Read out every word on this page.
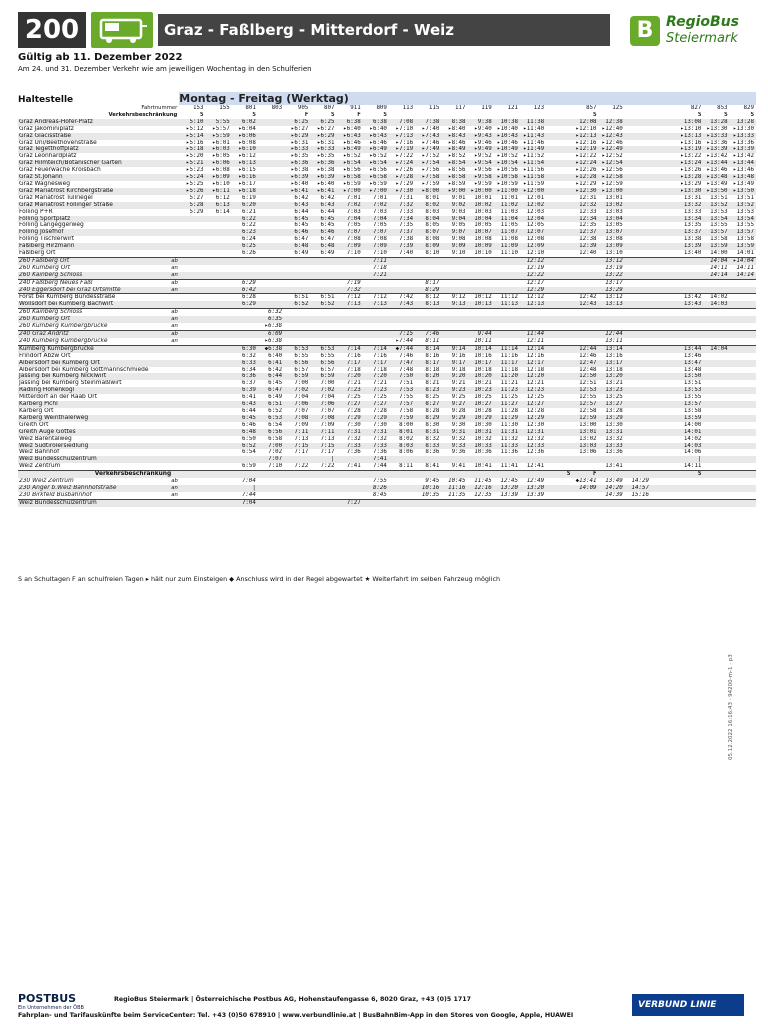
200	Graz - Faßlberg - Mitterdorf - Weiz	B RegioBus
Steiermark
Gültig ab 11. Dezember 2022
Am 24. und 31. Dezember Verkehr wie am jeweiligen Wochentag in den Schulferien
Haltestelle		Montag - Freitag (Werktag)																					
Fahrtnummer		153	155	801	803	905	807	911	809	113	115	117	119	121	123		857	125			827	853	829
Verkehrsbeschränkung		S		S		F	S	F	S								S				S	S	S
Graz Andreas-Hofer-Platz		5:10	5:55	6:02		6:25	6:25	6:38	6:38	7:08	7:38	8:38	9:38	10:38	11:38		12:08	12:38			13:08	13:28	13:28
Graz Jakominiplatz		▸5:12	▸5:57	▸6:04		▸6:27	▸6:27	▸6:40	▸6:40	▸7:10	▸7:40	▸8:40	▸9:40	▸10:40	▸11:40		▸12:10	▸12:40			▸13:10	▸13:30	▸13:30
Graz Glacisstraße		▸5:14	▸5:59	▸6:06		▸6:29	▸6:29	▸6:43	▸6:43	▸7:13	▸7:43	▸8:43	▸9:43	▸10:43	▸11:43		▸12:13	▸12:43			▸13:13	▸13:33	▸13:33
Graz Uni/Beethovenstraße		▸5:16	▸6:01	▸6:08		▸6:31	▸6:31	▸6:46	▸6:46	▸7:16	▸7:46	▸8:46	▸9:46	▸10:46	▸11:46		▸12:16	▸12:46			▸13:16	▸13:36	▸13:36
Graz Tegetthoffplatz		▸5:18	▸6:03	▸6:10		▸6:33	▸6:33	▸6:49	▸6:49	▸7:19	▸7:49	▸8:49	▸9:49	▸10:49	▸11:49		▸12:19	▸12:49			▸13:19	▸13:39	▸13:39
Graz Leonhardplatz		▸5:20	▸6:05	▸6:12		▸6:35	▸6:35	▸6:52	▸6:52	▸7:22	▸7:52	▸8:52	▸9:52	▸10:52	▸11:52		▸12:22	▸12:52			▸13:22	▸13:42	▸13:42
Graz Hilmteich/Botanischer Garten		▸5:21	▸6:06	▸6:13		▸6:36	▸6:36	▸6:54	▸6:54	▸7:24	▸7:54	▸8:54	▸9:54	▸10:54	▸11:54		▸12:24	▸12:54			▸13:24	▸13:44	▸13:44
Graz Feuerwache Kroisbach		▸5:23	▸6:08	▸6:15		▸6:38	▸6:38	▸6:56	▸6:56	▸7:26	▸7:56	▸8:56	▸9:56	▸10:56	▸11:56		▸12:26	▸12:56			▸13:26	▸13:46	▸13:46
Graz St.Johann		▸5:24	▸6:09	▸6:16		▸6:39	▸6:39	▸6:58	▸6:58	▸7:28	▸7:58	▸8:58	▸9:58	▸10:58	▸11:58		▸12:28	▸12:58			▸13:28	▸13:48	▸13:48
Graz Wagnesweg		▸5:25	▸6:10	▸6:17		▸6:40	▸6:40	▸6:59	▸6:59	▸7:29	▸7:59	▸8:59	▸9:59	▸10:59	▸11:59		▸12:29	▸12:59			▸13:29	▸13:49	▸13:49
Graz Mariatrost Kirchbergstraße		▸5:26	▸6:11	▸6:18		▸6:41	▸6:41	▸7:00	▸7:00	▸7:30	▸8:00	▸9:00	▸10:00	▸11:00	▸12:00		▸12:30	▸13:00			▸13:30	▸13:50	▸13:50
Graz Mariatrost Tullriegel		5:27	6:12	6:19		6:42	6:42	7:01	7:01	7:31	8:01	9:01	10:01	11:01	12:01		12:31	13:01			13:31	13:51	13:51
Graz Mariatrost Föllinger Straße		5:28	6:13	6:20		6:43	6:43	7:02	7:02	7:32	8:02	9:02	10:02	11:02	12:02		12:32	13:02			13:32	13:52	13:52
Fölling P+R		5:29	6:14	6:21		6:44	6:44	7:03	7:03	7:33	8:03	9:03	10:03	11:03	12:03		12:33	13:03			13:33	13:53	13:53
Fölling Sportplatz				6:22		6:45	6:45	7:04	7:04	7:34	8:04	9:04	10:04	11:04	12:04		12:34	13:04			13:34	13:54	13:54
Fölling Langeggerweg				6:22		6:45	6:45	7:05	7:05	7:35	8:05	9:05	10:05	11:05	12:05		12:35	13:05			13:35	13:55	13:55
Fölling Josefhof				6:23		6:46	6:46	7:07	7:07	7:37	8:07	9:07	10:07	11:07	12:07		12:37	13:07			13:37	13:57	13:57
Fölling Tischlerwirt				6:24		6:47	6:47	7:08	7:08	7:38	8:08	9:08	10:08	11:08	12:08		12:38	13:08			13:38	13:58	13:58
Faßlberg Hirzmann				6:25		6:48	6:48	7:09	7:09	7:39	8:09	9:09	10:09	11:09	12:09		12:39	13:09			13:39	13:59	13:59
Faßlberg Ort				6:26		6:49	6:49	7:10	7:10	7:40	8:10	9:10	10:10	11:10	12:10		12:40	13:10			13:40	14:00	14:01
260 Faßlberg Ort	ab								7:11						12:12			13:12				14:04	▸14:04
260 Kumberg Ort	an								7:18						12:19			13:19				14:11	14:11
260 Kainberg Schloss	an								7:21						12:22			13:22				14:14	14:14
240 Faßlberg Neues Faßl	ab			6:29				7:19			8:17				12:17			13:17					
240 Eggersdorf bei Graz Ortsmitte	an			6:42				7:32			8:29				12:29			13:29					
Forst bei Kumberg Bundesstraße				6:28		6:51	6:51	7:12	7:12	7:42	8:12	9:12	10:12	11:12	12:12		12:42	13:12			13:42	14:02	
Wollsdorf bei Kumberg Bachwirt				6:29		6:52	6:52	7:13	7:13	7:43	8:13	9:13	10:13	11:13	12:13		12:43	13:13			13:43	14:03	
260 Kainberg Schloss	ab				6:32																		
260 Kumberg Ort	an				6:35																		
260 Kumberg Kumbergbrücke	an				▸6:38																		
240 Graz Andritz	ab				6:09					7:15	7:46		9:44		11:44			12:44					
240 Kumberg Kumbergbrücke	an				▸6:38					▸7:44	8:11		10:11		12:11			13:11					
Kumberg Kumbergbrücke				6:30	◆6:38	6:53	6:53	7:14	7:14	◆7:44	8:14	9:14	10:14	11:14	12:14		12:44	13:14			13:44	14:04	
Frindorf Abzw Ort				6:32	6:40	6:55	6:55	7:16	7:16	7:46	8:16	9:16	10:16	11:16	12:16		12:46	13:16			13:46		
Albersdorf bei Kumberg Ort				6:33	6:41	6:56	6:56	7:17	7:17	7:47	8:17	9:17	10:17	11:17	12:17		12:47	13:17			13:47		
Albersdorf bei Kumberg Gottmannschmiede				6:34	6:42	6:57	6:57	7:18	7:18	7:48	8:18	9:18	10:18	11:18	12:18		12:48	13:18			13:48		
Jassing bei Kumberg Nicklwirt				6:36	6:44	6:59	6:59	7:20	7:20	7:50	8:20	9:20	10:20	11:20	12:20		12:50	13:20			13:50		
Jassing bei Kumberg Steinmaßlwirt				6:37	6:45	7:00	7:00	7:21	7:21	7:51	8:21	9:21	10:21	11:21	12:21		12:51	13:21			13:51		
Radling Hohenkogl				6:39	6:47	7:02	7:02	7:23	7:23	7:53	8:23	9:23	10:23	11:23	12:23		12:53	13:23			13:53		
Mitterdorf an der Raab Ort				6:41	6:49	7:04	7:04	7:25	7:25	7:55	8:25	9:25	10:25	11:25	12:25		12:55	13:25			13:55		
Karberg Pichl				6:43	6:51	7:06	7:06	7:27	7:27	7:57	8:27	9:27	10:27	11:27	12:27		12:57	13:27			13:57		
Karberg Ort				6:44	6:52	7:07	7:07	7:28	7:28	7:58	8:28	9:28	10:28	11:28	12:28		12:58	13:28			13:58		
Karberg Weinthalerweg				6:45	6:53	7:08	7:08	7:29	7:29	7:59	8:29	9:29	10:29	11:29	12:29		12:59	13:29			13:59		
Greith Ort				6:46	6:54	7:09	7:09	7:30	7:30	8:00	8:30	9:30	10:30	11:30	12:30		13:00	13:30			14:00		
Greith Auge Gottes				6:48	6:56	7:11	7:11	7:31	7:31	8:01	8:31	9:31	10:31	11:31	12:31		13:01	13:31			14:01		
Weiz Barentalweg				6:50	6:58	7:13	7:13	7:32	7:32	8:02	8:32	9:32	10:32	11:32	12:32		13:02	13:32			14:02		
Weiz Südtirolersiedlung				6:52	7:00	7:15	7:15	7:33	7:33	8:03	8:33	9:33	10:33	11:33	12:33		13:03	13:33			14:03		
Weiz Bahnhof				6:54	7:02	7:17	7:17	7:36	7:36	8:06	8:36	9:36	10:36	11:36	12:36		13:06	13:36			14:06		
Weiz Bundesschulzentrum					7:07		|		7:41												|		
Weiz Zentrum				6:59	7:10	7:22	7:22	7:41	7:44	8:11	8:41	9:41	10:41	11:41	12:41			13:41			14:11		
Verkehrsbeschränkung																S	F				S		
230 Weiz Zentrum	ab			7:04					7:55		9:45	10:45	11:45	12:45	12:49		◆13:41	13:49	14:29				
230 Anger b.Weiz Bahnhofstraße	an			|					8:26		10:16	11:16	12:16	13:20	13:20		14:09	14:20	14:57				
230 Birkfeld Busbahnhof	an			7:44					8:45		10:35	11:35	12:35	13:39	13:39			14:39	15:16				
Weiz Bundesschulzentrum				7:04				7:27															
S an Schultagen F an schulfreien Tagen ▸ hält nur zum Einsteigen ◆ Anschluss wird in der Regel abgewartet ★ Weiterfahrt im selben Fahrzeug möglich
05.12.2022 16:16:43 · 94200-m-1 · p3
POSTBUS
Ein Unternehmen der ÖBB
RegioBus Steiermark | Österreichische Postbus AG, Hohenstaufengasse 6, 8020 Graz, +43 (0)5 1717
Fahrplan- und Tarifauskünfte beim ServiceCenter: Tel. +43 (0)50 678910 | www.verbundlinie.at | BusBahnBim-App in den Stores von Google, Apple, HUAWEI
VERBUND LINIE
